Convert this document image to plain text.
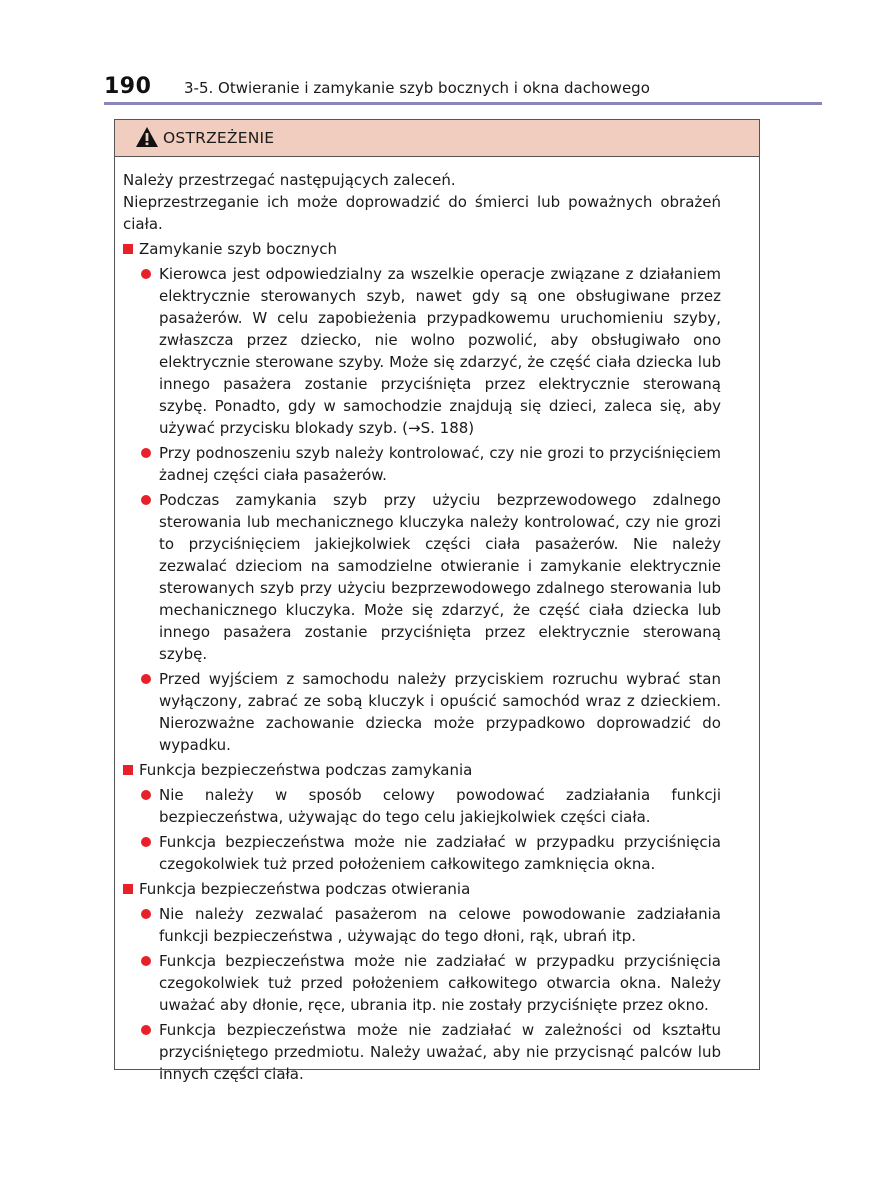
190 3-5. Otwieranie i zamykanie szyb bocznych i okna dachowego
OSTRZEŻENIE

Należy przestrzegać następujących zaleceń.

Nieprzestrzeganie ich może doprowadzić do śmierci lub poważnych obrażeń ciała.

Zamykanie szyb bocznych
Kierowca jest odpowiedzialny za wszelkie operacje związane z działaniem elektrycznie sterowanych szyb, nawet gdy są one obsługiwane przez pasażerów. W celu zapobieżenia przypadkowemu uruchomieniu szyby, zwłaszcza przez dziecko, nie wolno pozwolić, aby obsługiwało ono elektrycznie sterowane szyby. Może się zdarzyć, że część ciała dziecka lub innego pasażera zostanie przyciśnięta przez elektrycznie sterowaną szybę. Ponadto, gdy w samochodzie znajdują się dzieci, zaleca się, aby używać przycisku blokady szyb. (→S. 188)
Przy podnoszeniu szyb należy kontrolować, czy nie grozi to przyciśnięciem żadnej części ciała pasażerów.
Podczas zamykania szyb przy użyciu bezprzewodowego zdalnego sterowania lub mechanicznego kluczyka należy kontrolować, czy nie grozi to przyciśnięciem jakiejkolwiek części ciała pasażerów. Nie należy zezwalać dzieciom na samodzielne otwieranie i zamykanie elektrycznie sterowanych szyb przy użyciu bezprzewodowego zdalnego sterowania lub mechanicznego kluczyka. Może się zdarzyć, że część ciała dziecka lub innego pasażera zostanie przyciśnięta przez elektrycznie sterowaną szybę.
Przed wyjściem z samochodu należy przyciskiem rozruchu wybrać stan wyłączony, zabrać ze sobą kluczyk i opuścić samochód wraz z dzieckiem. Nierozważne zachowanie dziecka może przypadkowo doprowadzić do wypadku.
Funkcja bezpieczeństwa podczas zamykania
Nie należy w sposób celowy powodować zadziałania funkcji bezpieczeństwa, używając do tego celu jakiejkolwiek części ciała.
Funkcja bezpieczeństwa może nie zadziałać w przypadku przyciśnięcia czegokolwiek tuż przed położeniem całkowitego zamknięcia okna.
Funkcja bezpieczeństwa podczas otwierania
Nie należy zezwalać pasażerom na celowe powodowanie zadziałania funkcji bezpieczeństwa , używając do tego dłoni, rąk, ubrań itp.
Funkcja bezpieczeństwa może nie zadziałać w przypadku przyciśnięcia czegokolwiek tuż przed położeniem całkowitego otwarcia okna. Należy uważać aby dłonie, ręce, ubrania itp. nie zostały przyciśnięte przez okno.
Funkcja bezpieczeństwa może nie zadziałać w zależności od kształtu przyciśniętego przedmiotu. Należy uważać, aby nie przycisnąć palców lub innych części ciała.
